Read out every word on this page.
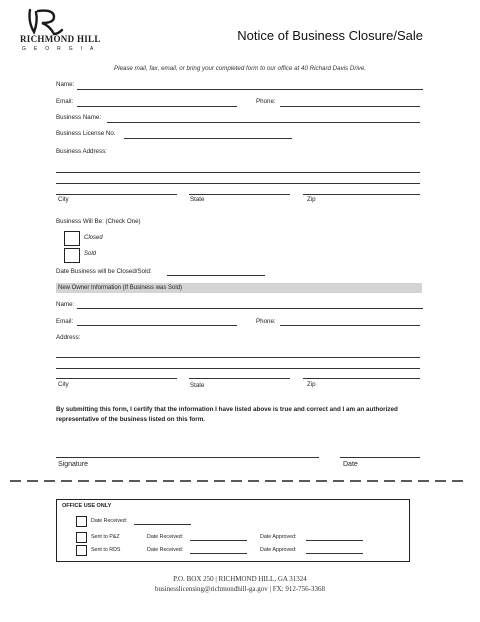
RICHMOND HILL
GEORGIA
Notice of Business Closure/Sale
Please mail, fax, email, or bring your completed form to our office at 40 Richard Davis Drive.
Name:
Email:	Phone:
Business Name:
Business License No.
Business Address:
City	State	Zip
Business Will Be: (Check One)
Closed
Sold
Date Business will be Closed/Sold:
New Owner Information (If Business was Sold)
Name:
Email:	Phone:
Address:
City	State	Zip
By submitting this form, I certify that the information I have listed above is true and correct and I am an authorized representative of the business listed on this form.
Signature	Date
OFFICE USE ONLY
Date Received:
Sent to P&Z	Date Received:	Date Approved:
Sent to RDS	Date Received:	Date Approved:
P.O. BOX 250 | RICHMOND HILL, GA 31324
businesslicensing@richmondhill-ga.gov | FX: 912-756-3368
